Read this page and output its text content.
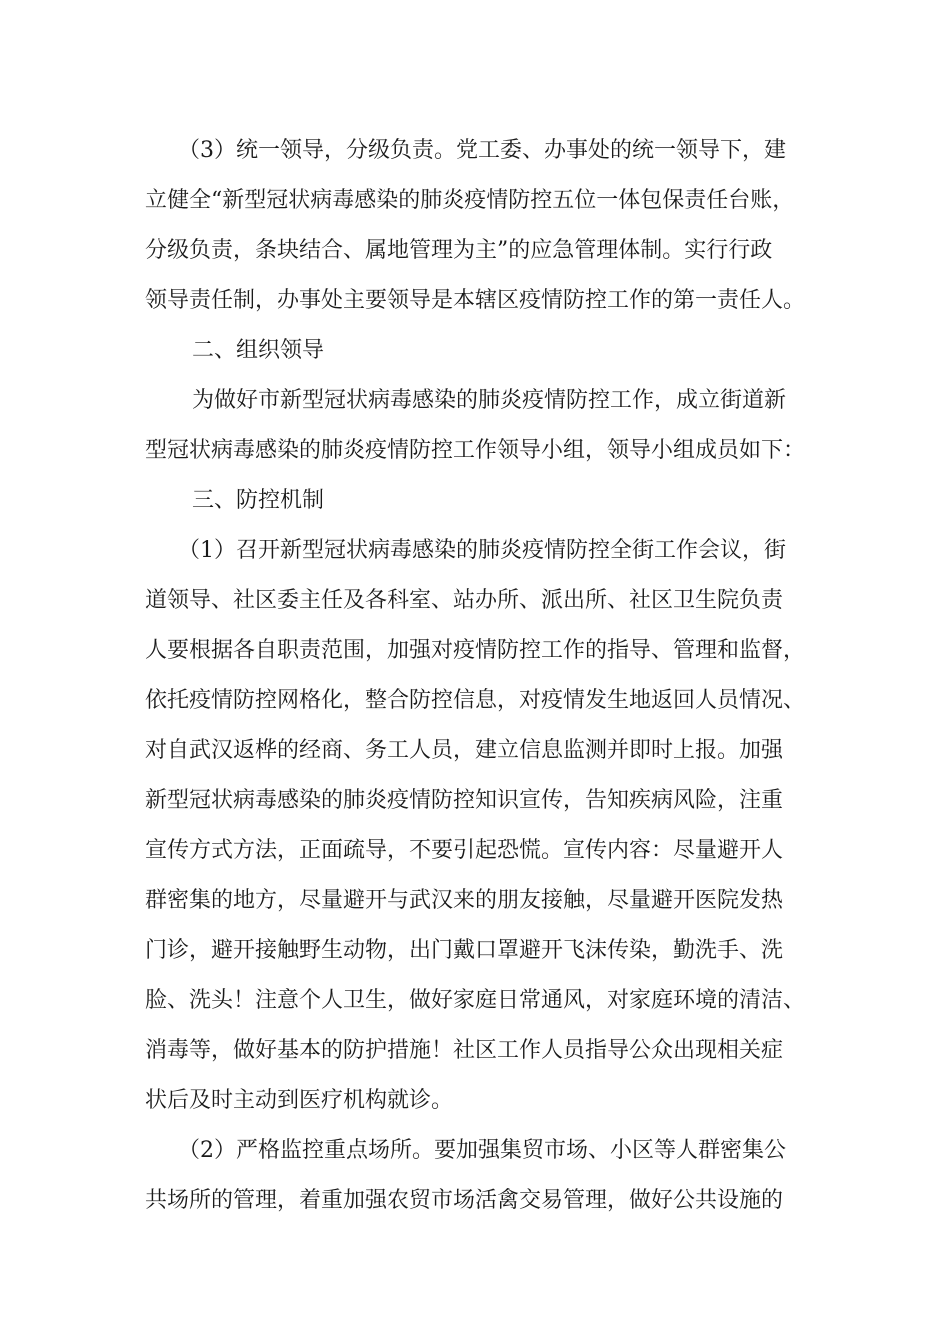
（3）统一领导，分级负责。党工委、办事处的统一领导下，建

立健全“新型冠状病毒感染的肺炎疫情防控五位一体包保责任台账，

分级负责，条块结合、属地管理为主”的应急管理体制。实行行政

领导责任制，办事处主要领导是本辖区疫情防控工作的第一责任人。

二、组织领导

为做好市新型冠状病毒感染的肺炎疫情防控工作，成立街道新

型冠状病毒感染的肺炎疫情防控工作领导小组，领导小组成员如下：

三、防控机制

（1）召开新型冠状病毒感染的肺炎疫情防控全街工作会议，街

道领导、社区委主任及各科室、站办所、派出所、社区卫生院负责

人要根据各自职责范围，加强对疫情防控工作的指导、管理和监督，

依托疫情防控网格化，整合防控信息，对疫情发生地返回人员情况、

对自武汉返桦的经商、务工人员，建立信息监测并即时上报。加强

新型冠状病毒感染的肺炎疫情防控知识宣传，告知疾病风险，注重

宣传方式方法，正面疏导，不要引起恐慌。宣传内容：尽量避开人

群密集的地方，尽量避开与武汉来的朋友接触，尽量避开医院发热

门诊，避开接触野生动物，出门戴口罩避开飞沫传染，勤洗手、洗

脸、洗头！注意个人卫生，做好家庭日常通风，对家庭环境的清洁、

消毒等，做好基本的防护措施！社区工作人员指导公众出现相关症

状后及时主动到医疗机构就诊。

（2）严格监控重点场所。要加强集贸市场、小区等人群密集公

共场所的管理，着重加强农贸市场活禽交易管理，做好公共设施的
